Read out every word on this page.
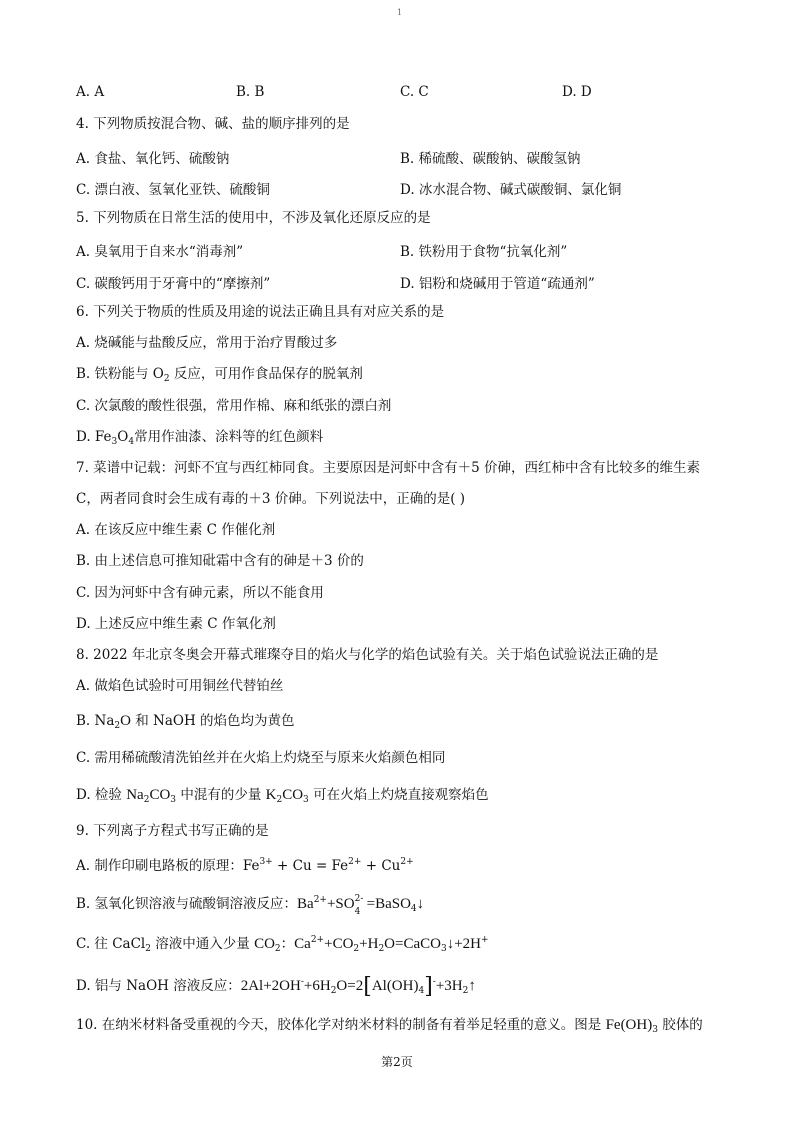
1
A. A	B. B	C. C	D. D
4. 下列物质按混合物、碱、盐的顺序排列的是
A. 食盐、氧化钙、硫酸钠	B. 稀硫酸、碳酸钠、碳酸氢钠
C. 漂白液、氢氧化亚铁、硫酸铜	D. 冰水混合物、碱式碳酸铜、氯化铜
5. 下列物质在日常生活的使用中，不涉及氧化还原反应的是
A. 臭氧用于自来水“消毒剂”	B. 铁粉用于食物“抗氧化剂”
C. 碳酸钙用于牙膏中的“摩擦剂”	D. 铝粉和烧碱用于管道“疏通剂”
6. 下列关于物质的性质及用途的说法正确且具有对应关系的是
A. 烧碱能与盐酸反应，常用于治疗胃酸过多
B. 铁粉能与 $O_2$ 反应，可用作食品保存的脱氧剂
C. 次氯酸的酸性很强，常用作棉、麻和纸张的漂白剂
D. $Fe_3O_4$常用作油漆、涂料等的红色颜料
7. 菜谱中记载：河虾不宜与西红柿同食。主要原因是河虾中含有＋5 价砷，西红柿中含有比较多的维生素
C，两者同食时会生成有毒的＋3 价砷。下列说法中，正确的是( )
A. 在该反应中维生素 C 作催化剂
B. 由上述信息可推知砒霜中含有的砷是＋3 价的
C. 因为河虾中含有砷元素，所以不能食用
D. 上述反应中维生素 C 作氧化剂
8. 2022 年北京冬奥会开幕式璀璨夺目的焰火与化学的焰色试验有关。关于焰色试验说法正确的是
A. 做焰色试验时可用铜丝代替铂丝
B. $Na_2O$ 和 NaOH 的焰色均为黄色
C. 需用稀硫酸清洗铂丝并在火焰上灼烧至与原来火焰颜色相同
D. 检验 $Na_2CO_3$ 中混有的少量 $K_2CO_3$ 可在火焰上灼烧直接观察焰色
9. 下列离子方程式书写正确的是
A. 制作印刷电路板的原理：$Fe^{3+} + Cu = Fe^{2+} + Cu^{2+}$
B. 氢氧化钡溶液与硫酸铜溶液反应：$Ba^{2+}+SO$ 2-
4 =BaSO$_4$↓
C. 往 CaCl$_2$ 溶液中通入少量 $CO_2$：$Ca^{2+}+CO_2+H_2O=CaCO_3↓+2H^+$
D. 铝与 NaOH 溶液反应：$2Al+2OH^-+6H_2O=2[Al(OH)_4]^-+3H_2↑$
10. 在纳米材料备受重视的今天，胶体化学对纳米材料的制备有着举足轻重的意义。图是 $Fe(OH)_3$ 胶体的
第2页
